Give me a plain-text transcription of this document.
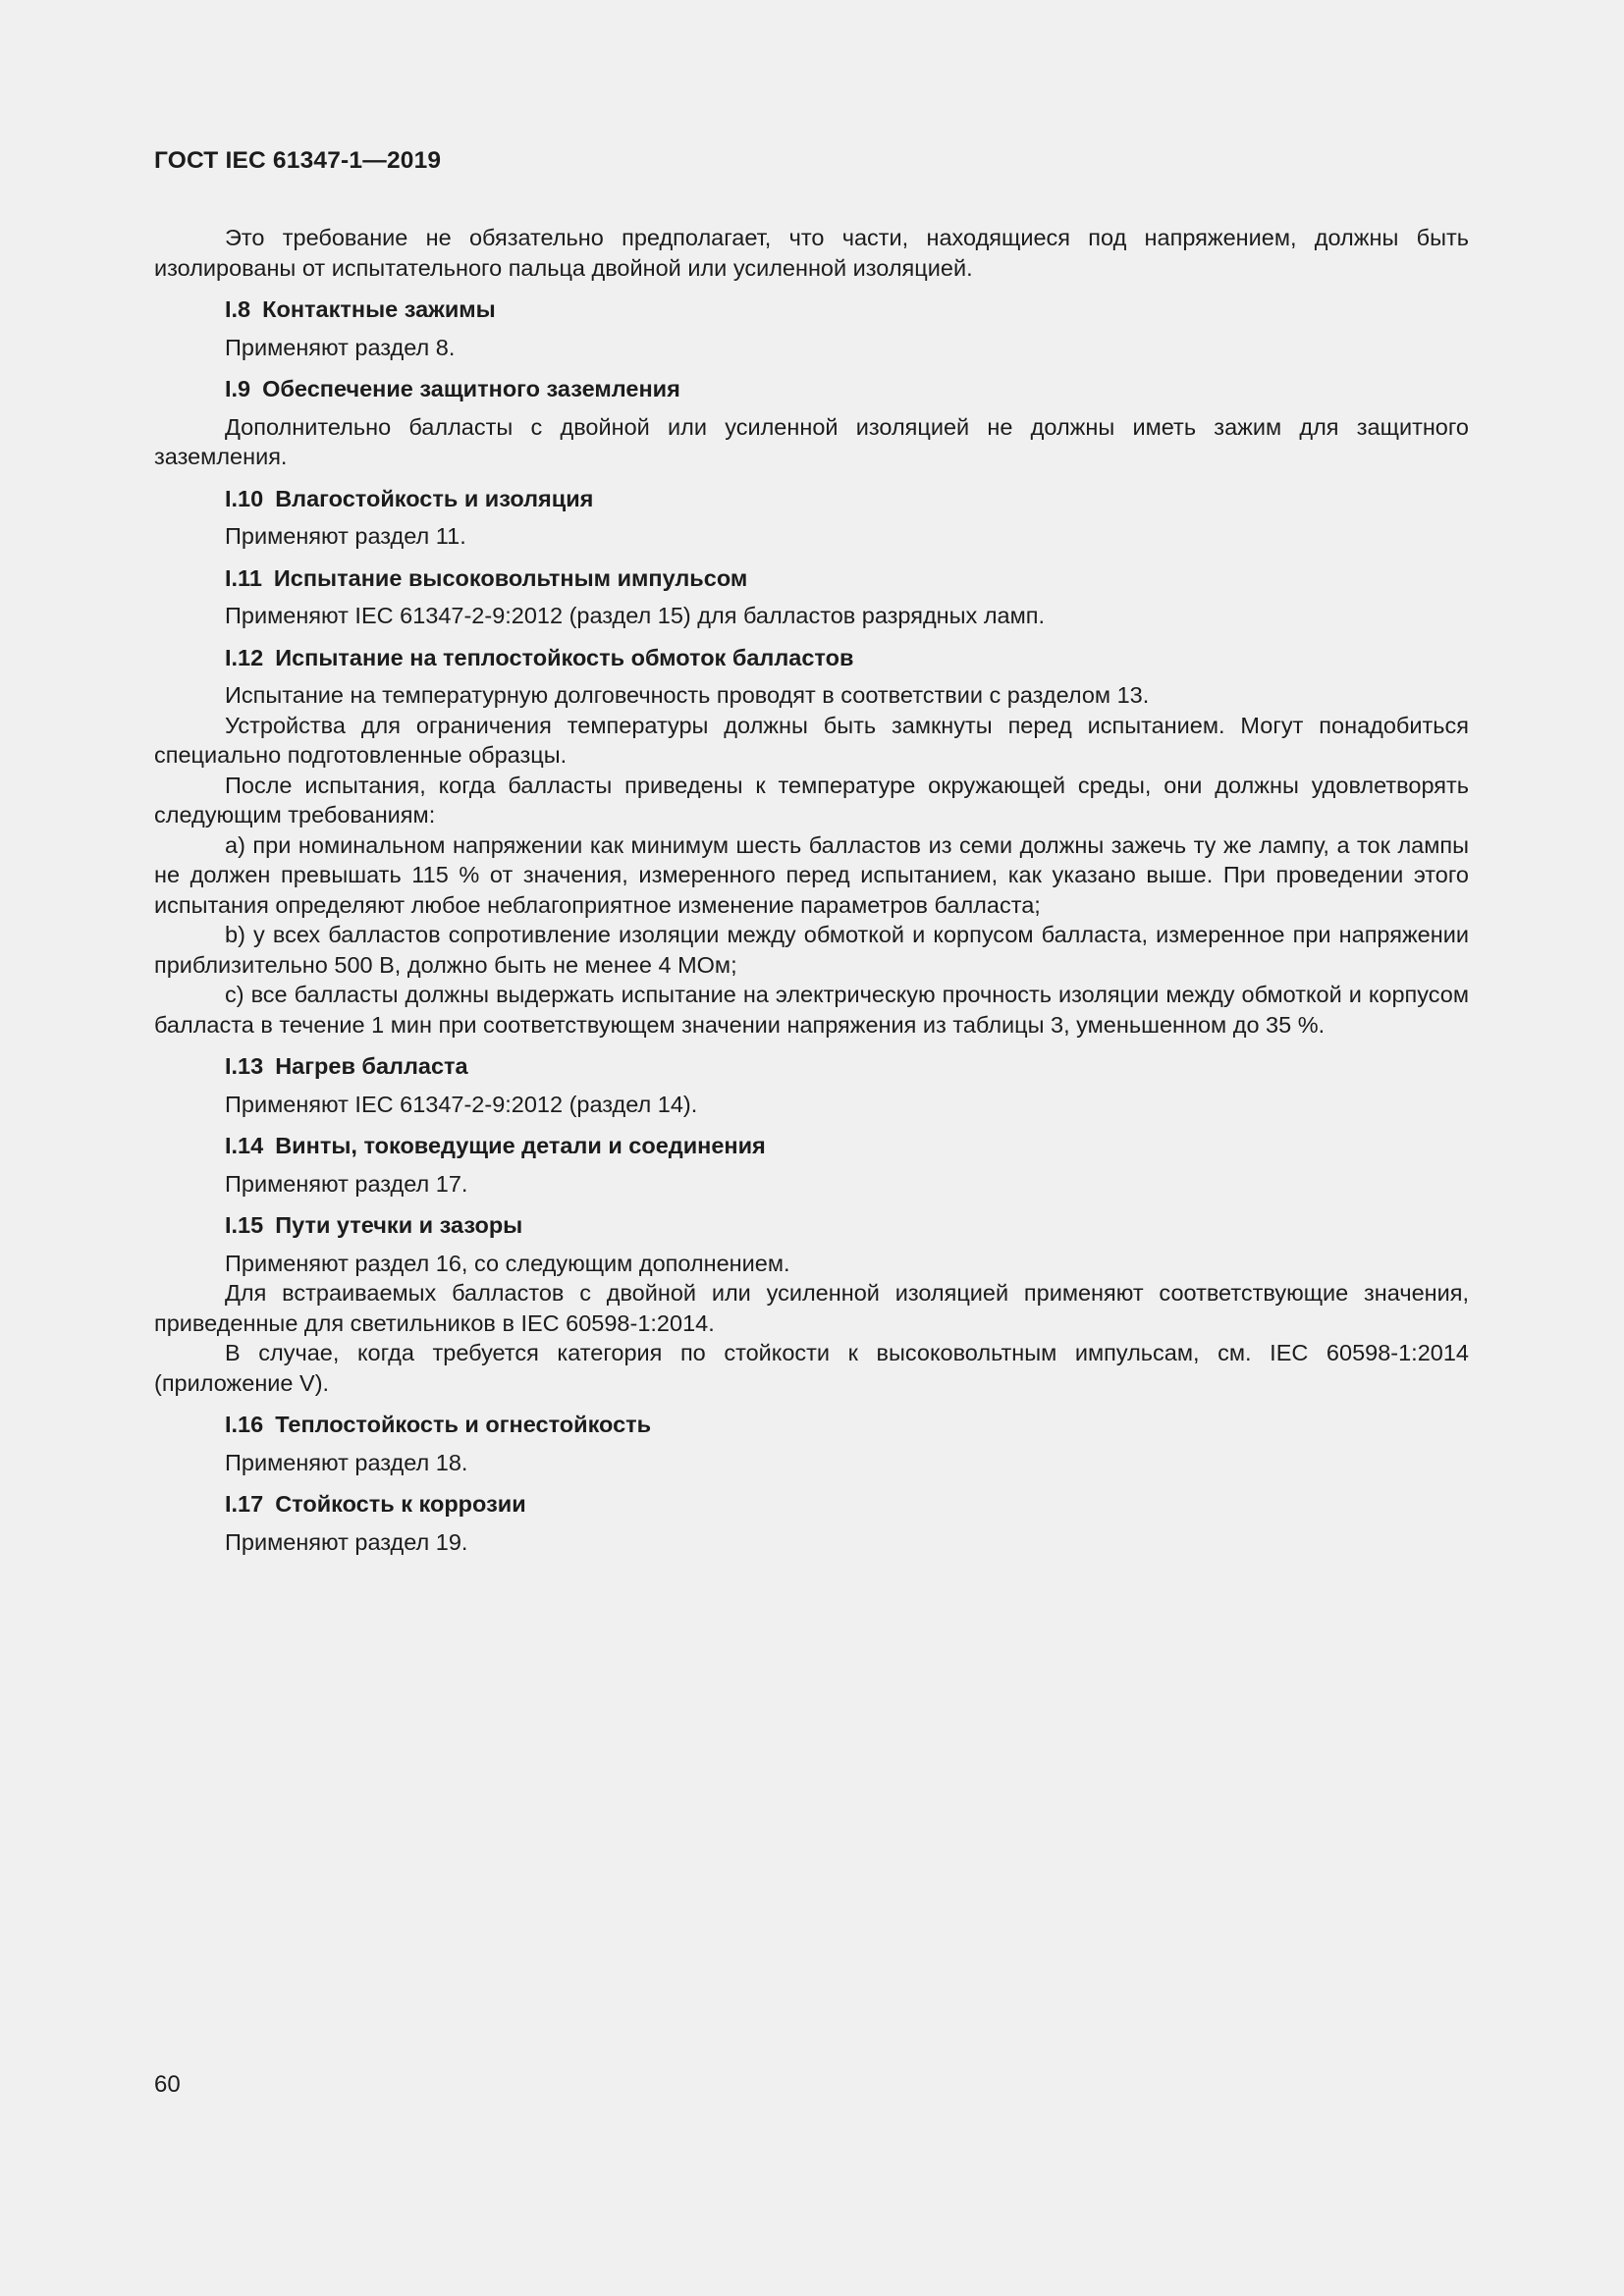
ГОСТ IEC 61347-1—2019

Это требование не обязательно предполагает, что части, находящиеся под напряжением, должны быть изолированы от испытательного пальца двойной или усиленной изоляцией.

I.8 Контактные зажимы

Применяют раздел 8.

I.9 Обеспечение защитного заземления

Дополнительно балласты с двойной или усиленной изоляцией не должны иметь зажим для защитного заземления.

I.10 Влагостойкость и изоляция

Применяют раздел 11.

I.11 Испытание высоковольтным импульсом

Применяют IEC 61347-2-9:2012 (раздел 15) для балластов разрядных ламп.

I.12 Испытание на теплостойкость обмоток балластов

Испытание на температурную долговечность проводят в соответствии с разделом 13.

Устройства для ограничения температуры должны быть замкнуты перед испытанием. Могут понадобиться специально подготовленные образцы.

После испытания, когда балласты приведены к температуре окружающей среды, они должны удовлетворять следующим требованиям:

a) при номинальном напряжении как минимум шесть балластов из семи должны зажечь ту же лампу, а ток лампы не должен превышать 115 % от значения, измеренного перед испытанием, как указано выше. При проведении этого испытания определяют любое неблагоприятное изменение параметров балласта;

b) у всех балластов сопротивление изоляции между обмоткой и корпусом балласта, измеренное при напряжении приблизительно 500 В, должно быть не менее 4 МОм;

c) все балласты должны выдержать испытание на электрическую прочность изоляции между обмоткой и корпусом балласта в течение 1 мин при соответствующем значении напряжения из таблицы 3, уменьшенном до 35 %.

I.13 Нагрев балласта

Применяют IEC 61347-2-9:2012 (раздел 14).

I.14 Винты, токоведущие детали и соединения

Применяют раздел 17.

I.15 Пути утечки и зазоры

Применяют раздел 16, со следующим дополнением.

Для встраиваемых балластов с двойной или усиленной изоляцией применяют соответствующие значения, приведенные для светильников в IEC 60598-1:2014.

В случае, когда требуется категория по стойкости к высоковольтным импульсам, см. IEC 60598-1:2014 (приложение V).

I.16 Теплостойкость и огнестойкость

Применяют раздел 18.

I.17 Стойкость к коррозии

Применяют раздел 19.

60
